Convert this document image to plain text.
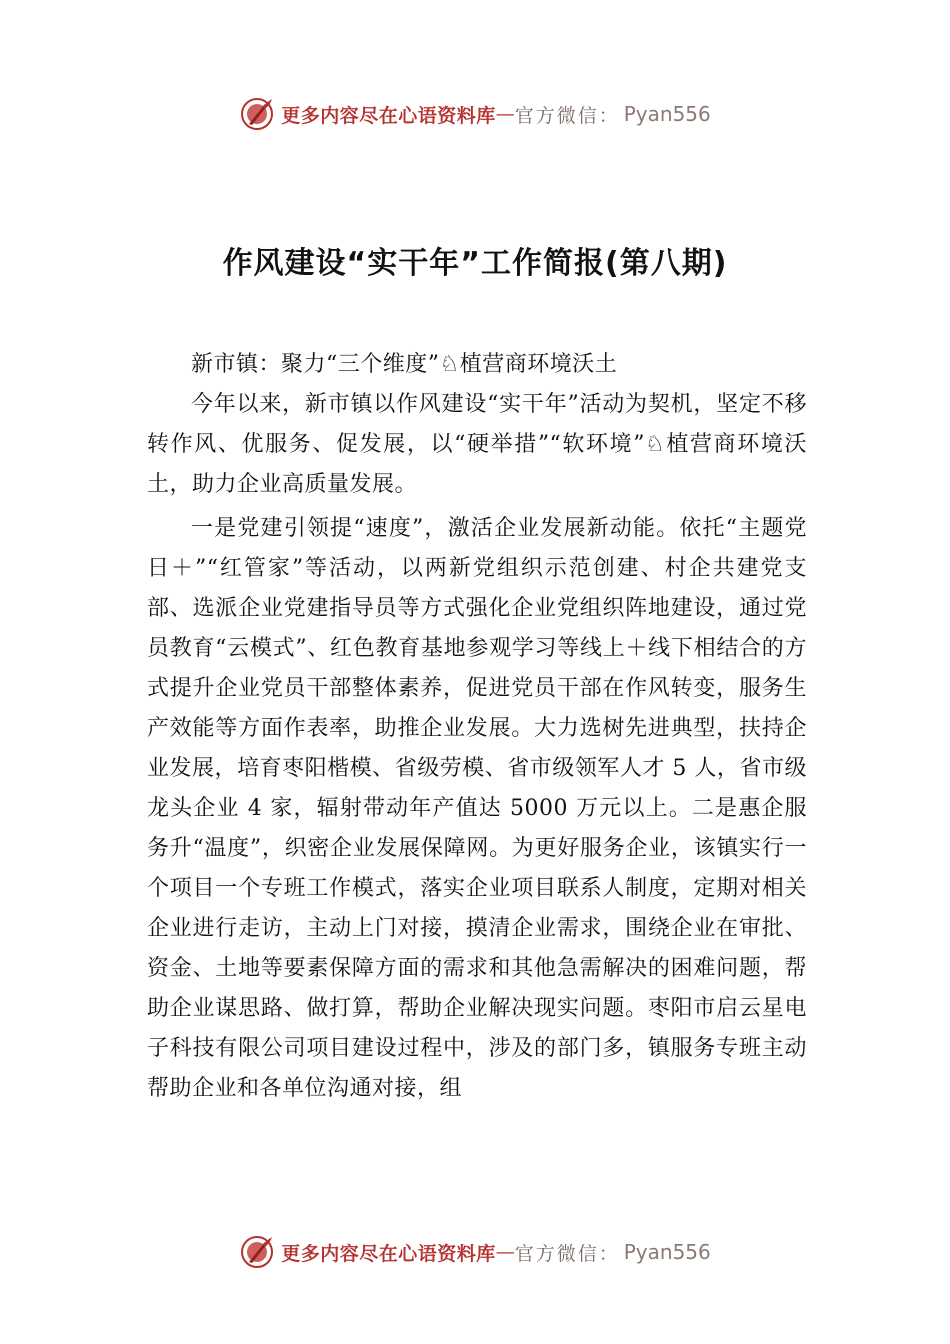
更多内容尽在心语资料库 — 官方微信： Pyan556
作风建设“实干年”工作简报(第八期)

新市镇：聚力“三个维度”♘植营商环境沃土

今年以来，新市镇以作风建设“实干年”活动为契机，坚定不移转作风、优服务、促发展，以“硬举措”“软环境”♘植营商环境沃土，助力企业高质量发展。

一是党建引领提“速度”，激活企业发展新动能。依托“主题党日＋”“红管家”等活动，以两新党组织示范创建、村企共建党支部、选派企业党建指导员等方式强化企业党组织阵地建设，通过党员教育“云模式”、红色教育基地参观学习等线上＋线下相结合的方式提升企业党员干部整体素养，促进党员干部在作风转变，服务生产效能等方面作表率，助推企业发展。大力选树先进典型，扶持企业发展，培育枣阳楷模、省级劳模、省市级领军人才 5 人，省市级龙头企业 4 家，辐射带动年产值达 5000 万元以上。二是惠企服务升“温度”，织密企业发展保障网。为更好服务企业，该镇实行一个项目一个专班工作模式，落实企业项目联系人制度，定期对相关企业进行走访，主动上门对接，摸清企业需求，围绕企业在审批、资金、土地等要素保障方面的需求和其他急需解决的困难问题，帮助企业谋思路、做打算，帮助企业解决现实问题。枣阳市启云星电子科技有限公司项目建设过程中，涉及的部门多，镇服务专班主动帮助企业和各单位沟通对接，组

更多内容尽在心语资料库 — 官方微信： Pyan556
